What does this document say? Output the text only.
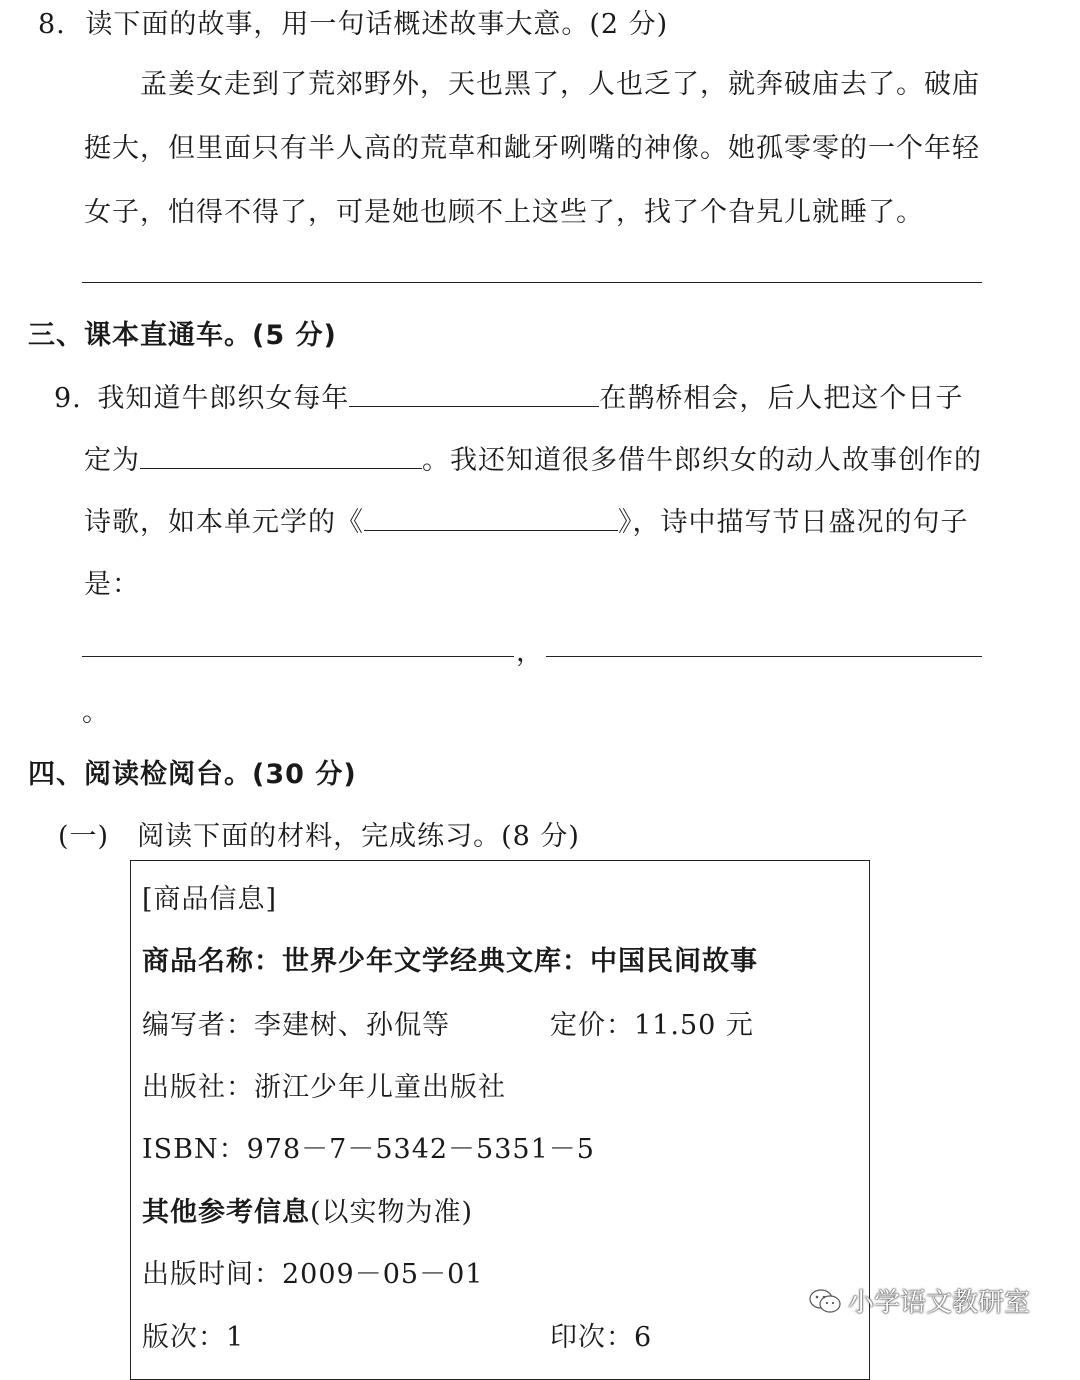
8. 读下面的故事，用一句话概述故事大意。(2 分)
孟姜女走到了荒郊野外，天也黑了，人也乏了，就奔破庙去了。破庙
挺大，但里面只有半人高的荒草和龇牙咧嘴的神像。她孤零零的一个年轻
女子，怕得不得了，可是她也顾不上这些了，找了个旮旯儿就睡了。
三、课本直通车。(5 分)
9. 我知道牛郎织女每年	在鹊桥相会，后人把这个日子
定为	。我还知道很多借牛郎织女的动人故事创作的
诗歌，如本单元学的《	》，诗中描写节日盛况的句子
是：
，
。
四、阅读检阅台。(30 分)
(一)　阅读下面的材料，完成练习。(8 分)
[商品信息]
商品名称：世界少年文学经典文库：中国民间故事
编写者：李建树、孙侃等	定价：11.50 元
出版社：浙江少年儿童出版社
ISBN：978－7－5342－5351－5
其他参考信息(以实物为准)
出版时间：2009－05－01
版次：1	印次：6
小学语文教研室
